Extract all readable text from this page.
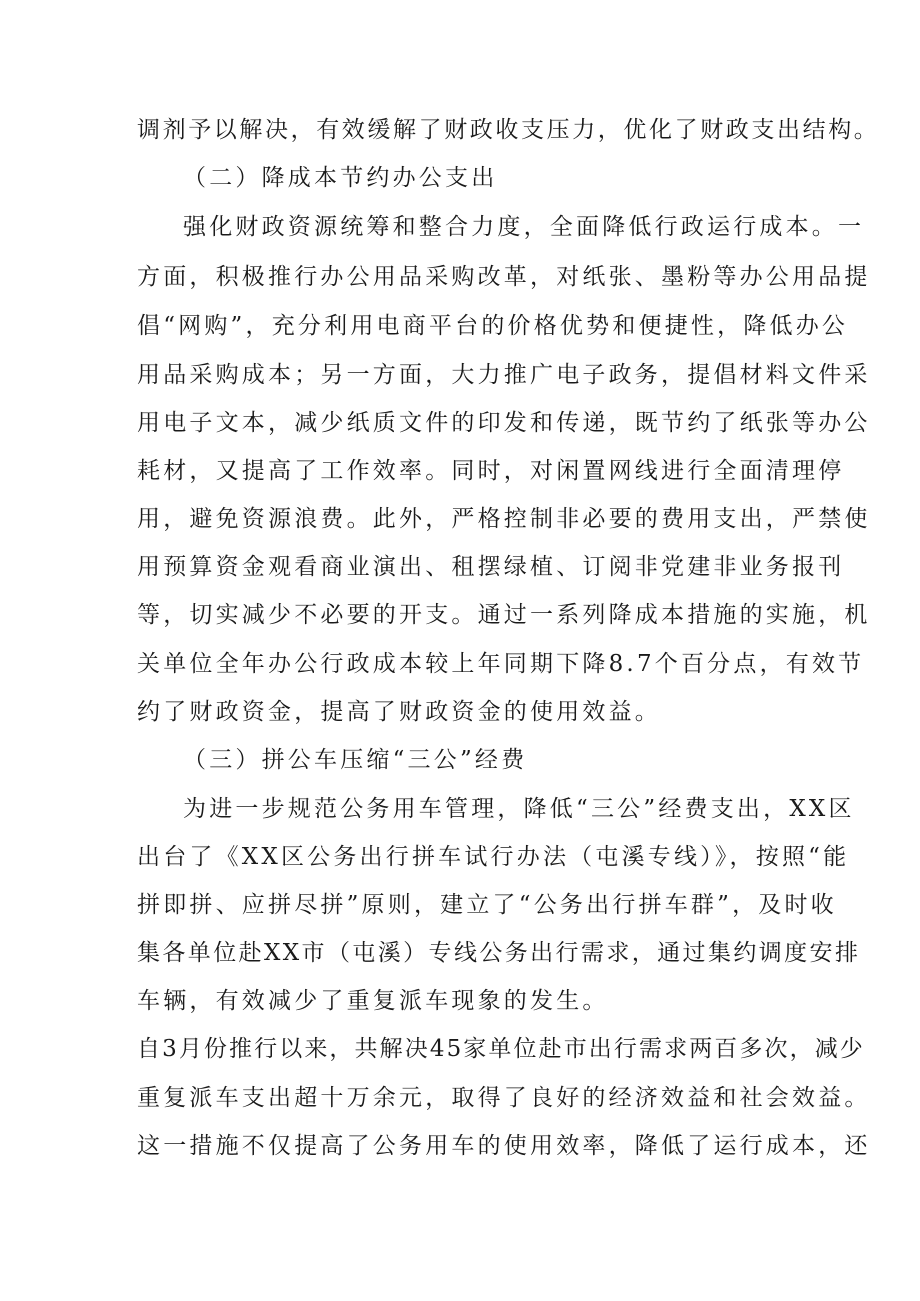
调剂予以解决，有效缓解了财政收支压力，优化了财政支出结构。
（二）降成本节约办公支出
强化财政资源统筹和整合力度，全面降低行政运行成本。一
方面，积极推行办公用品采购改革，对纸张、墨粉等办公用品提
倡“网购”，充分利用电商平台的价格优势和便捷性，降低办公
用品采购成本；另一方面，大力推广电子政务，提倡材料文件采
用电子文本，减少纸质文件的印发和传递，既节约了纸张等办公
耗材，又提高了工作效率。同时，对闲置网线进行全面清理停
用，避免资源浪费。此外，严格控制非必要的费用支出，严禁使
用预算资金观看商业演出、租摆绿植、订阅非党建非业务报刊
等，切实减少不必要的开支。通过一系列降成本措施的实施，机
关单位全年办公行政成本较上年同期下降8.7个百分点，有效节
约了财政资金，提高了财政资金的使用效益。
（三）拼公车压缩“三公”经费
为进一步规范公务用车管理，降低“三公”经费支出，XX区
出台了《XX区公务出行拼车试行办法（屯溪专线）》，按照“能
拼即拼、应拼尽拼”原则，建立了“公务出行拼车群”，及时收
集各单位赴XX市（屯溪）专线公务出行需求，通过集约调度安排
车辆，有效减少了重复派车现象的发生。
自3月份推行以来，共解决45家单位赴市出行需求两百多次，减少
重复派车支出超十万余元，取得了良好的经济效益和社会效益。
这一措施不仅提高了公务用车的使用效率，降低了运行成本，还
